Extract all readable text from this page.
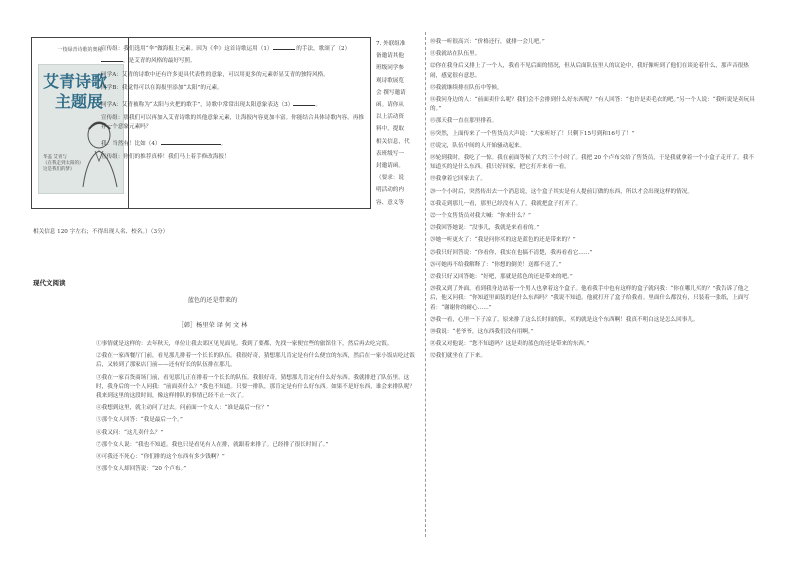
一枝绿青诗歌的奥秘
艾青诗歌
主题展
华盖 艾青与
《在我走到太阳的》
这是我们的梦》

宣传组：我们选用“伞”做海报主元素。因为《伞》这首诗歌运用（1）	的手法，歌颂了（2），是艾青的风格的最好写照。

同学A：艾青的诗歌中还有许多更具代表性的意象，可以用更多的元素彰显艾青的独特风格。

同学B：我觉得可以在海报里添加“太阳”的元素。

同学A：艾青被称为“太阳与火把的歌手”，诗歌中常常出现太阳意象表达（3）	。

宣传组：那我们可以再加入艾青诗歌的其他意象元素，让海报内容更加丰富。你能结合具体诗歌内容，再推荐一个意象元素吗？

我：当然有！比如（4）	。

宣传组：你们的推荐真棒！我们马上着手修改海报！

7. 外联组准

备邀请其他

班级同学参

观诗歌展览

会 撰写邀请

函。请你从

以上活动资

料中，提取

相关信息，代

表班级写一

封邀请函。

（要求：说

明活动的内

容、意义等

相关信息 120 字左右；不得出现人名、校名。）（3分）
现代文阅读
蓝色的还是带来的
［韩］杨里荣 译 何 文 林
①事情就是这样的：去年秋天，单位让我去郊区见见面见。我到了要都，先找一家便宜些的旅馆住下，然后再去吃完饭。
②我在一家西餐厅门前，看见那儿排着一个长长的队伍。我很好奇，猜想那儿肯定是有什么便宜的东西，然后在一家小饭店吃过饭后，又转到了那家店门前——还有好长的队伍排在那儿。
③我在一家百货商场门前，看见那儿正在排着一个长长的队伍。我很好奇，猜想那儿肯定有什么好东西。我就排进了队伍里。这时，我身后的一个人问我：“前面卖什么？”我也不知道。只要一排队，那肯定是有什么好东西。如果不是好东西，谁会来排队呢？我来到这里的这段时间，像这样排队的事情已经不止一次了。
④我想到这里，就主动问了过去。问前面一个女人：“谁是最后一位？”
⑤那个女人回答：“我是最后一个。”
⑥我又问：“这儿卖什么？”
⑦那个女人说：“我也不知道。我也只是看见有人在排，就跟着来排了。已经排了很长时间了。”
⑧可我还不死心：“你们排的这个东西有多少钱啊？”
⑨那个女人却回答说：“20 个卢布。”
⑩我一听很高兴：“价格还行，就排一会儿吧。”
⑪我就站在队伍里。
⑫你在我身后又排上了一个人，我看不见后面的情况，但从后面队伍里人的议论中，我好像听到了他们在谈论着什么，那声音很热闹，感觉很有意思。
⑬我就继续排在队伍中等候。
⑭我问身边的人：“前面卖什么呢？我们会不会排到什么好东西呢？”有人回答：“也许是卖毛衣的吧。”另一个人说：“我听说是卖玩具的。”
⑮那天我一直在那里排着。
⑯突然，上面传来了一个售货员大声说：“大家听好了！只剩下15号到和16号了！”
⑰说完，队伍中间的人开始骚动起来。
⑱轮到我时，我吃了一惊。我在前面等候了大约三个小时了。我把 20 个卢布交给了售货员，于是我就拿着一个小盒子走开了。我不知道买的是什么东西。我只好回家，把它打开来看一看。
⑲我拿着它回家去了。
⑳一个小时后，突然传出去一个消息说，这个盒子其实是有人提前订做的东西，所以才会出现这样的情况。
㉑我走到那儿一看，那里已经没有人了，我就把盒子打开了。
㉒一个女售货员对我大喊：“你来什么？”
㉓我回答她说：“没事儿，我就是来看看的。”
㉔她一听更火了：“我是问你买的这是蓝色的还是带来的？”
㉕我只好回答说：“你看你，我实在也搞不清楚，我再看看它……”
㉖可她再不给我解释了：“你想的倒美！送都不送了。”
㉗我只好又回答她：“好吧，那就是蓝色的还是带来的吧。”
㉘我又到了外面，看到我身边站着一个男人也拿着这个盒子。他看我手中也有这样的盒子就问我：“你在哪儿买的？”我告诉了他之后，他又问我：“你知道里面装的是什么东西吗？”我说不知道。他就打开了盒子给我看。里面什么都没有，只装着一张纸，上面写着：“谢谢你的耐心……”
㉙我一看，心里一下子凉了，原来排了这么长时间的队，买的就是这个东西啊！我真不明白这是怎么回事儿。
㉚我说：“老爷爷，这东西我们没有用啊。”
㉛我又对他说：“您不知道吗？这是卖的蓝色的还是带来的东西。”
㉜我们就坐在了下来。
